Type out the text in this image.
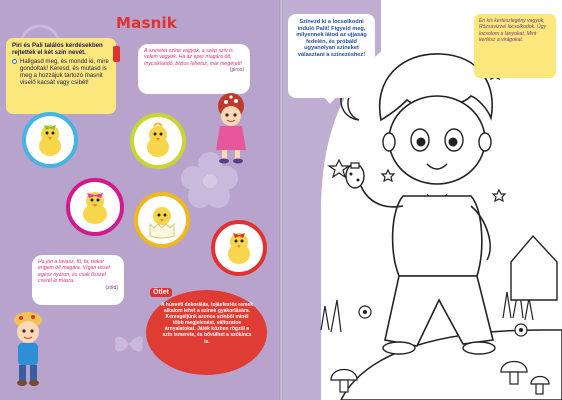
Masnik
Piri és Pali találós kérdésekben rejtették el két szín nevét.
Hallgasd meg, és mondd ki, mire gondoltak! Keresd, és mutasd is meg a hozzájuk tartozó masnit viselő kacsát vagy csibét!
A szeretet színe vagyok, a szép szív is velem vagyok. Ha az eper magára ölt, ínycsiklandó, biztos lehetsz, már megérett!
(piros)
Ha jön a tavasz, fű, fa, bokor engem ölt magára. Vígan vésel egész nyáron, és csak ősszel cserél le másra.
(zöld)
Ötlet
A húsvéti dekorálás, tojásfestés remek alkalom lehet a színek gyakorlására. Keresgéljünk azonos színből minél több megjelenést, változatos árnyalatokat. Játék közben rögzül a szín ismerete, és bővülhet a szókincs is.
Színezd ki a locsolkodni induló Palit! Figyeld meg, milyennek látod az ujjaság fedelén, és próbáld ugyanolyan színeket választani a színezéshez!
Én kis kertészlegény vagyok, Rózsavizzel locsolkodok. Úgy locsolom a lányokat, Mint kertész a virágokat.
